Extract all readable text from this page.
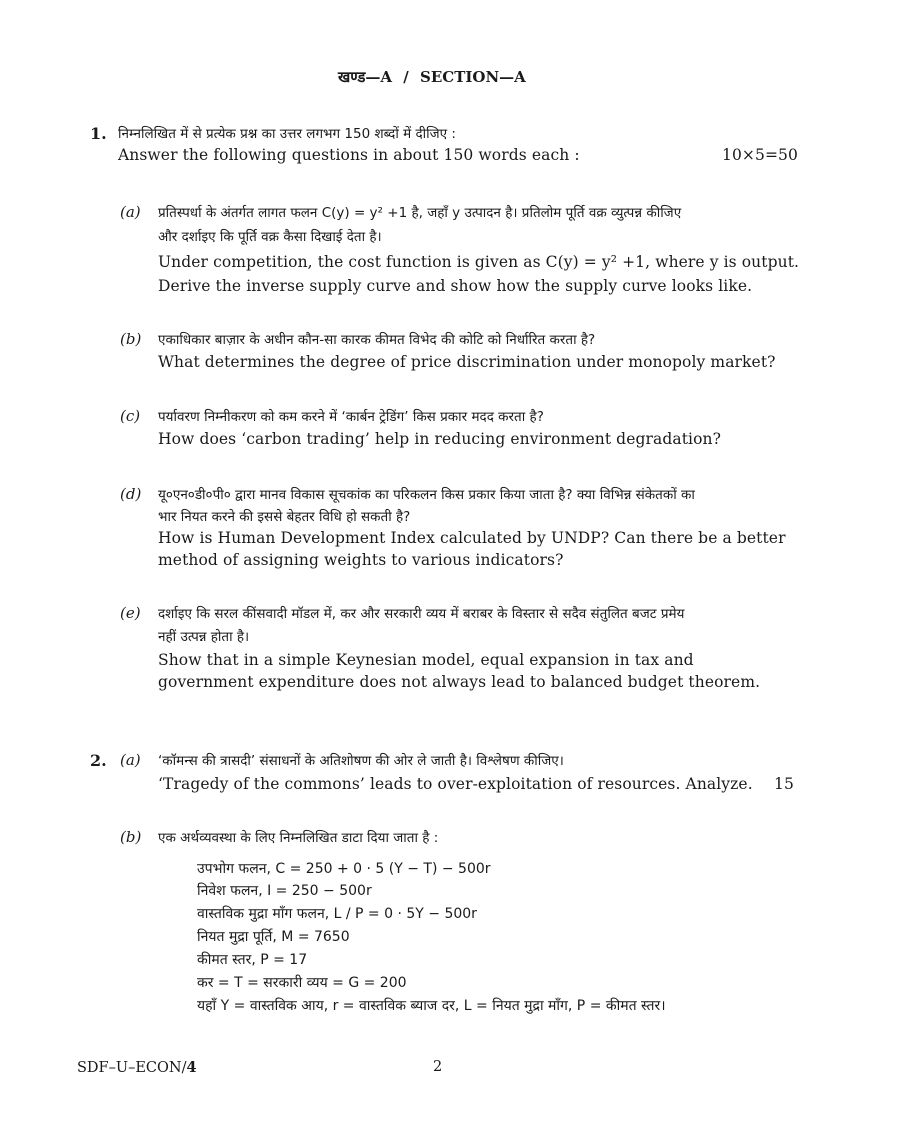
खण्ड—A / SECTION—A
1. निम्नलिखित में से प्रत्येक प्रश्न का उत्तर लगभग 150 शब्दों में दीजिए :
Answer the following questions in about 150 words each :	10×5=50
(a) प्रतिस्पर्धा के अंतर्गत लागत फलन C(y) = y² +1 है, जहाँ y उत्पादन है। प्रतिलोम पूर्ति वक्र व्युत्पन्न कीजिए
और दर्शाइए कि पूर्ति वक्र कैसा दिखाई देता है।
Under competition, the cost function is given as C(y) = y² +1, where y is output.
Derive the inverse supply curve and show how the supply curve looks like.
(b) एकाधिकार बाज़ार के अधीन कौन-सा कारक कीमत विभेद की कोटि को निर्धारित करता है?
What determines the degree of price discrimination under monopoly market?
(c) पर्यावरण निम्नीकरण को कम करने में ‘कार्बन ट्रेडिंग’ किस प्रकार मदद करता है?
How does ‘carbon trading’ help in reducing environment degradation?
(d) यू०एन०डी०पी० द्वारा मानव विकास सूचकांक का परिकलन किस प्रकार किया जाता है? क्या विभिन्न संकेतकों का
भार नियत करने की इससे बेहतर विधि हो सकती है?
How is Human Development Index calculated by UNDP? Can there be a better
method of assigning weights to various indicators?
(e) दर्शाइए कि सरल कींसवादी मॉडल में, कर और सरकारी व्यय में बराबर के विस्तार से सदैव संतुलित बजट प्रमेय
नहीं उत्पन्न होता है।
Show that in a simple Keynesian model, equal expansion in tax and
government expenditure does not always lead to balanced budget theorem.
2. (a) ‘कॉमन्स की त्रासदी’ संसाधनों के अतिशोषण की ओर ले जाती है। विश्लेषण कीजिए।
‘Tragedy of the commons’ leads to over-exploitation of resources. Analyze. 15
(b) एक अर्थव्यवस्था के लिए निम्नलिखित डाटा दिया जाता है :
उपभोग फलन, C = 250 + 0 · 5 (Y − T) − 500r
निवेश फलन, I = 250 − 500r
वास्तविक मुद्रा माँग फलन, L / P = 0 · 5Y − 500r
नियत मुद्रा पूर्ति, M = 7650
कीमत स्तर, P = 17
कर = T = सरकारी व्यय = G = 200
यहाँ Y = वास्तविक आय, r = वास्तविक ब्याज दर, L = नियत मुद्रा माँग, P = कीमत स्तर।
SDF–U–ECON/4	2
